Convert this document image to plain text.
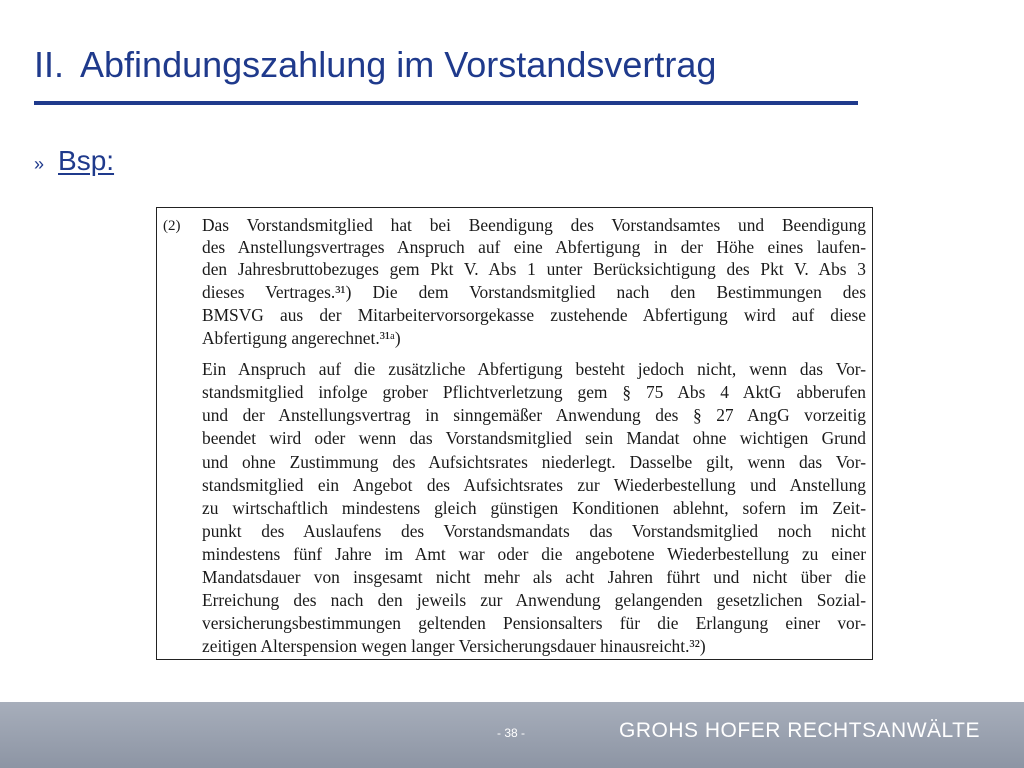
II. Abfindungszahlung im Vorstandsvertrag
» Bsp:
(2) Das Vorstandsmitglied hat bei Beendigung des Vorstandsamtes und Beendigung
des Anstellungsvertrages Anspruch auf eine Abfertigung in der Höhe eines laufen-
den Jahresbruttobezuges gem Pkt V. Abs 1 unter Berücksichtigung des Pkt V. Abs 3
dieses Vertrages.³¹) Die dem Vorstandsmitglied nach den Bestimmungen des
BMSVG aus der Mitarbeitervorsorgekasse zustehende Abfertigung wird auf diese
Abfertigung angerechnet.³¹ᵃ)
Ein Anspruch auf die zusätzliche Abfertigung besteht jedoch nicht, wenn das Vor-
standsmitglied infolge grober Pflichtverletzung gem § 75 Abs 4 AktG abberufen
und der Anstellungsvertrag in sinngemäßer Anwendung des § 27 AngG vorzeitig
beendet wird oder wenn das Vorstandsmitglied sein Mandat ohne wichtigen Grund
und ohne Zustimmung des Aufsichtsrates niederlegt. Dasselbe gilt, wenn das Vor-
standsmitglied ein Angebot des Aufsichtsrates zur Wiederbestellung und Anstellung
zu wirtschaftlich mindestens gleich günstigen Konditionen ablehnt, sofern im Zeit-
punkt des Auslaufens des Vorstandsmandats das Vorstandsmitglied noch nicht
mindestens fünf Jahre im Amt war oder die angebotene Wiederbestellung zu einer
Mandatsdauer von insgesamt nicht mehr als acht Jahren führt und nicht über die
Erreichung des nach den jeweils zur Anwendung gelangenden gesetzlichen Sozial-
versicherungsbestimmungen geltenden Pensionsalters für die Erlangung einer vor-
zeitigen Alterspension wegen langer Versicherungsdauer hinausreicht.³²)
- 38 -	GROHS HOFER RECHTSANWÄLTE
